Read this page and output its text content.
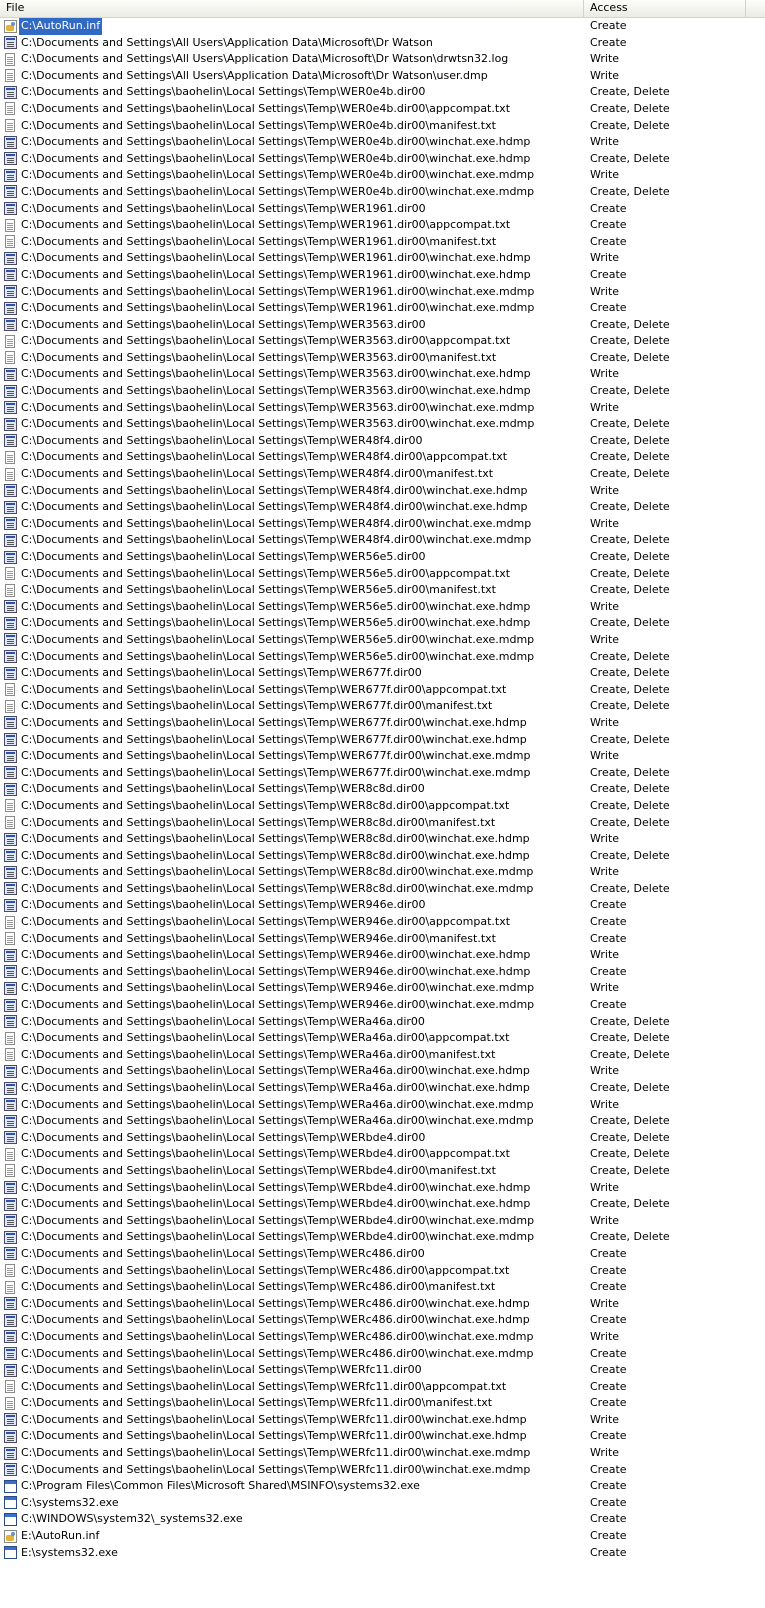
File	Access
C:\AutoRun.inf	Create
C:\Documents and Settings\All Users\Application Data\Microsoft\Dr Watson	Create
C:\Documents and Settings\All Users\Application Data\Microsoft\Dr Watson\drwtsn32.log	Write
C:\Documents and Settings\All Users\Application Data\Microsoft\Dr Watson\user.dmp	Write
C:\Documents and Settings\baohelin\Local Settings\Temp\WER0e4b.dir00	Create, Delete
C:\Documents and Settings\baohelin\Local Settings\Temp\WER0e4b.dir00\appcompat.txt	Create, Delete
C:\Documents and Settings\baohelin\Local Settings\Temp\WER0e4b.dir00\manifest.txt	Create, Delete
C:\Documents and Settings\baohelin\Local Settings\Temp\WER0e4b.dir00\winchat.exe.hdmp	Write
C:\Documents and Settings\baohelin\Local Settings\Temp\WER0e4b.dir00\winchat.exe.hdmp	Create, Delete
C:\Documents and Settings\baohelin\Local Settings\Temp\WER0e4b.dir00\winchat.exe.mdmp	Write
C:\Documents and Settings\baohelin\Local Settings\Temp\WER0e4b.dir00\winchat.exe.mdmp	Create, Delete
C:\Documents and Settings\baohelin\Local Settings\Temp\WER1961.dir00	Create
C:\Documents and Settings\baohelin\Local Settings\Temp\WER1961.dir00\appcompat.txt	Create
C:\Documents and Settings\baohelin\Local Settings\Temp\WER1961.dir00\manifest.txt	Create
C:\Documents and Settings\baohelin\Local Settings\Temp\WER1961.dir00\winchat.exe.hdmp	Write
C:\Documents and Settings\baohelin\Local Settings\Temp\WER1961.dir00\winchat.exe.hdmp	Create
C:\Documents and Settings\baohelin\Local Settings\Temp\WER1961.dir00\winchat.exe.mdmp	Write
C:\Documents and Settings\baohelin\Local Settings\Temp\WER1961.dir00\winchat.exe.mdmp	Create
C:\Documents and Settings\baohelin\Local Settings\Temp\WER3563.dir00	Create, Delete
C:\Documents and Settings\baohelin\Local Settings\Temp\WER3563.dir00\appcompat.txt	Create, Delete
C:\Documents and Settings\baohelin\Local Settings\Temp\WER3563.dir00\manifest.txt	Create, Delete
C:\Documents and Settings\baohelin\Local Settings\Temp\WER3563.dir00\winchat.exe.hdmp	Write
C:\Documents and Settings\baohelin\Local Settings\Temp\WER3563.dir00\winchat.exe.hdmp	Create, Delete
C:\Documents and Settings\baohelin\Local Settings\Temp\WER3563.dir00\winchat.exe.mdmp	Write
C:\Documents and Settings\baohelin\Local Settings\Temp\WER3563.dir00\winchat.exe.mdmp	Create, Delete
C:\Documents and Settings\baohelin\Local Settings\Temp\WER48f4.dir00	Create, Delete
C:\Documents and Settings\baohelin\Local Settings\Temp\WER48f4.dir00\appcompat.txt	Create, Delete
C:\Documents and Settings\baohelin\Local Settings\Temp\WER48f4.dir00\manifest.txt	Create, Delete
C:\Documents and Settings\baohelin\Local Settings\Temp\WER48f4.dir00\winchat.exe.hdmp	Write
C:\Documents and Settings\baohelin\Local Settings\Temp\WER48f4.dir00\winchat.exe.hdmp	Create, Delete
C:\Documents and Settings\baohelin\Local Settings\Temp\WER48f4.dir00\winchat.exe.mdmp	Write
C:\Documents and Settings\baohelin\Local Settings\Temp\WER48f4.dir00\winchat.exe.mdmp	Create, Delete
C:\Documents and Settings\baohelin\Local Settings\Temp\WER56e5.dir00	Create, Delete
C:\Documents and Settings\baohelin\Local Settings\Temp\WER56e5.dir00\appcompat.txt	Create, Delete
C:\Documents and Settings\baohelin\Local Settings\Temp\WER56e5.dir00\manifest.txt	Create, Delete
C:\Documents and Settings\baohelin\Local Settings\Temp\WER56e5.dir00\winchat.exe.hdmp	Write
C:\Documents and Settings\baohelin\Local Settings\Temp\WER56e5.dir00\winchat.exe.hdmp	Create, Delete
C:\Documents and Settings\baohelin\Local Settings\Temp\WER56e5.dir00\winchat.exe.mdmp	Write
C:\Documents and Settings\baohelin\Local Settings\Temp\WER56e5.dir00\winchat.exe.mdmp	Create, Delete
C:\Documents and Settings\baohelin\Local Settings\Temp\WER677f.dir00	Create, Delete
C:\Documents and Settings\baohelin\Local Settings\Temp\WER677f.dir00\appcompat.txt	Create, Delete
C:\Documents and Settings\baohelin\Local Settings\Temp\WER677f.dir00\manifest.txt	Create, Delete
C:\Documents and Settings\baohelin\Local Settings\Temp\WER677f.dir00\winchat.exe.hdmp	Write
C:\Documents and Settings\baohelin\Local Settings\Temp\WER677f.dir00\winchat.exe.hdmp	Create, Delete
C:\Documents and Settings\baohelin\Local Settings\Temp\WER677f.dir00\winchat.exe.mdmp	Write
C:\Documents and Settings\baohelin\Local Settings\Temp\WER677f.dir00\winchat.exe.mdmp	Create, Delete
C:\Documents and Settings\baohelin\Local Settings\Temp\WER8c8d.dir00	Create, Delete
C:\Documents and Settings\baohelin\Local Settings\Temp\WER8c8d.dir00\appcompat.txt	Create, Delete
C:\Documents and Settings\baohelin\Local Settings\Temp\WER8c8d.dir00\manifest.txt	Create, Delete
C:\Documents and Settings\baohelin\Local Settings\Temp\WER8c8d.dir00\winchat.exe.hdmp	Write
C:\Documents and Settings\baohelin\Local Settings\Temp\WER8c8d.dir00\winchat.exe.hdmp	Create, Delete
C:\Documents and Settings\baohelin\Local Settings\Temp\WER8c8d.dir00\winchat.exe.mdmp	Write
C:\Documents and Settings\baohelin\Local Settings\Temp\WER8c8d.dir00\winchat.exe.mdmp	Create, Delete
C:\Documents and Settings\baohelin\Local Settings\Temp\WER946e.dir00	Create
C:\Documents and Settings\baohelin\Local Settings\Temp\WER946e.dir00\appcompat.txt	Create
C:\Documents and Settings\baohelin\Local Settings\Temp\WER946e.dir00\manifest.txt	Create
C:\Documents and Settings\baohelin\Local Settings\Temp\WER946e.dir00\winchat.exe.hdmp	Write
C:\Documents and Settings\baohelin\Local Settings\Temp\WER946e.dir00\winchat.exe.hdmp	Create
C:\Documents and Settings\baohelin\Local Settings\Temp\WER946e.dir00\winchat.exe.mdmp	Write
C:\Documents and Settings\baohelin\Local Settings\Temp\WER946e.dir00\winchat.exe.mdmp	Create
C:\Documents and Settings\baohelin\Local Settings\Temp\WERa46a.dir00	Create, Delete
C:\Documents and Settings\baohelin\Local Settings\Temp\WERa46a.dir00\appcompat.txt	Create, Delete
C:\Documents and Settings\baohelin\Local Settings\Temp\WERa46a.dir00\manifest.txt	Create, Delete
C:\Documents and Settings\baohelin\Local Settings\Temp\WERa46a.dir00\winchat.exe.hdmp	Write
C:\Documents and Settings\baohelin\Local Settings\Temp\WERa46a.dir00\winchat.exe.hdmp	Create, Delete
C:\Documents and Settings\baohelin\Local Settings\Temp\WERa46a.dir00\winchat.exe.mdmp	Write
C:\Documents and Settings\baohelin\Local Settings\Temp\WERa46a.dir00\winchat.exe.mdmp	Create, Delete
C:\Documents and Settings\baohelin\Local Settings\Temp\WERbde4.dir00	Create, Delete
C:\Documents and Settings\baohelin\Local Settings\Temp\WERbde4.dir00\appcompat.txt	Create, Delete
C:\Documents and Settings\baohelin\Local Settings\Temp\WERbde4.dir00\manifest.txt	Create, Delete
C:\Documents and Settings\baohelin\Local Settings\Temp\WERbde4.dir00\winchat.exe.hdmp	Write
C:\Documents and Settings\baohelin\Local Settings\Temp\WERbde4.dir00\winchat.exe.hdmp	Create, Delete
C:\Documents and Settings\baohelin\Local Settings\Temp\WERbde4.dir00\winchat.exe.mdmp	Write
C:\Documents and Settings\baohelin\Local Settings\Temp\WERbde4.dir00\winchat.exe.mdmp	Create, Delete
C:\Documents and Settings\baohelin\Local Settings\Temp\WERc486.dir00	Create
C:\Documents and Settings\baohelin\Local Settings\Temp\WERc486.dir00\appcompat.txt	Create
C:\Documents and Settings\baohelin\Local Settings\Temp\WERc486.dir00\manifest.txt	Create
C:\Documents and Settings\baohelin\Local Settings\Temp\WERc486.dir00\winchat.exe.hdmp	Write
C:\Documents and Settings\baohelin\Local Settings\Temp\WERc486.dir00\winchat.exe.hdmp	Create
C:\Documents and Settings\baohelin\Local Settings\Temp\WERc486.dir00\winchat.exe.mdmp	Write
C:\Documents and Settings\baohelin\Local Settings\Temp\WERc486.dir00\winchat.exe.mdmp	Create
C:\Documents and Settings\baohelin\Local Settings\Temp\WERfc11.dir00	Create
C:\Documents and Settings\baohelin\Local Settings\Temp\WERfc11.dir00\appcompat.txt	Create
C:\Documents and Settings\baohelin\Local Settings\Temp\WERfc11.dir00\manifest.txt	Create
C:\Documents and Settings\baohelin\Local Settings\Temp\WERfc11.dir00\winchat.exe.hdmp	Write
C:\Documents and Settings\baohelin\Local Settings\Temp\WERfc11.dir00\winchat.exe.hdmp	Create
C:\Documents and Settings\baohelin\Local Settings\Temp\WERfc11.dir00\winchat.exe.mdmp	Write
C:\Documents and Settings\baohelin\Local Settings\Temp\WERfc11.dir00\winchat.exe.mdmp	Create
C:\Program Files\Common Files\Microsoft Shared\MSINFO\systems32.exe	Create
C:\systems32.exe	Create
C:\WINDOWS\system32\_systems32.exe	Create
E:\AutoRun.inf	Create
E:\systems32.exe	Create
